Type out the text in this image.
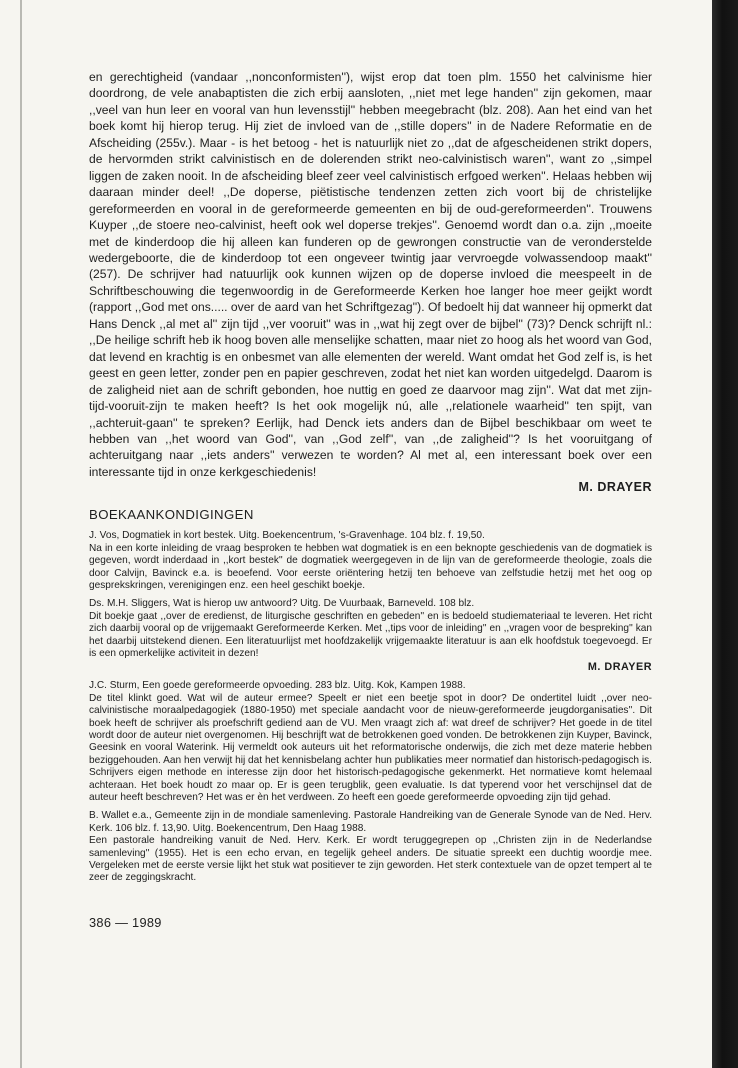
en gerechtigheid (vandaar ,,nonconformisten''), wijst erop dat toen plm. 1550 het calvinisme hier doordrong, de vele anabaptisten die zich erbij aansloten, ,,niet met lege handen'' zijn gekomen, maar ,,veel van hun leer en vooral van hun levensstijl'' hebben meegebracht (blz. 208). Aan het eind van het boek komt hij hierop terug. Hij ziet de invloed van de ,,stille dopers'' in de Nadere Reformatie en de Afscheiding (255v.). Maar - is het betoog - het is natuurlijk niet zo ,,dat de afgescheidenen strikt dopers, de hervormden strikt calvinistisch en de dolerenden strikt neo-calvinistisch waren'', want zo ,,simpel liggen de zaken nooit. In de afscheiding bleef zeer veel calvinistisch erfgoed werken''. Helaas hebben wij daaraan minder deel! ,,De doperse, piëtistische tendenzen zetten zich voort bij de christelijke gereformeerden en vooral in de gereformeerde gemeenten en bij de oud-gereformeerden''. Trouwens Kuyper ,,de stoere neo-calvinist, heeft ook wel doperse trekjes''. Genoemd wordt dan o.a. zijn ,,moeite met de kinderdoop die hij alleen kan funderen op de gewrongen constructie van de veronderstelde wedergeboorte, die de kinderdoop tot een ongeveer twintig jaar vervroegde volwassendoop maakt'' (257). De schrijver had natuurlijk ook kunnen wijzen op de doperse invloed die meespeelt in de Schriftbeschouwing die tegenwoordig in de Gereformeerde Kerken hoe langer hoe meer geijkt wordt (rapport ,,God met ons..... over de aard van het Schriftgezag''). Of bedoelt hij dat wanneer hij opmerkt dat Hans Denck ,,al met al'' zijn tijd ,,ver vooruit'' was in ,,wat hij zegt over de bijbel'' (73)? Denck schrijft nl.: ,,De heilige schrift heb ik hoog boven alle menselijke schatten, maar niet zo hoog als het woord van God, dat levend en krachtig is en onbesmet van alle elementen der wereld. Want omdat het God zelf is, is het geest en geen letter, zonder pen en papier geschreven, zodat het niet kan worden uitgedelgd. Daarom is de zaligheid niet aan de schrift gebonden, hoe nuttig en goed ze daarvoor mag zijn''. Wat dat met zijn-tijd-vooruit-zijn te maken heeft? Is het ook mogelijk nú, alle ,,relationele waarheid'' ten spijt, van ,,achteruit-gaan'' te spreken? Eerlijk, had Denck iets anders dan de Bijbel beschikbaar om weet te hebben van ,,het woord van God'', van ,,God zelf'', van ,,de zaligheid''? Is het vooruitgang of achteruitgang naar ,,iets anders'' verwezen te worden? Al met al, een interessant boek over een interessante tijd in onze kerkgeschiedenis!

M. DRAYER
BOEKAANKONDIGINGEN

J. Vos, Dogmatiek in kort bestek. Uitg. Boekencentrum, 's-Gravenhage. 104 blz. f. 19,50.

Na in een korte inleiding de vraag besproken te hebben wat dogmatiek is en een beknopte geschiedenis van de dogmatiek is gegeven, wordt inderdaad in ,,kort bestek'' de dogmatiek weergegeven in de lijn van de gereformeerde theologie, zoals die door Calvijn, Bavinck e.a. is beoefend. Voor eerste oriëntering hetzij ten behoeve van zelfstudie hetzij met het oog op gesprekskringen, verenigingen enz. een heel geschikt boekje.

Ds. M.H. Sliggers, Wat is hierop uw antwoord? Uitg. De Vuurbaak, Barneveld. 108 blz.

Dit boekje gaat ,,over de eredienst, de liturgische geschriften en gebeden'' en is bedoeld studiemateriaal te leveren. Het richt zich daarbij vooral op de vrijgemaakt Gereformeerde Kerken. Met ,,tips voor de inleiding'' en ,,vragen voor de bespreking'' kan het daarbij uitstekend dienen. Een literatuurlijst met hoofdzakelijk vrijgemaakte literatuur is aan elk hoofdstuk toegevoegd. Er is een opmerkelijke activiteit in dezen!

M. DRAYER

J.C. Sturm, Een goede gereformeerde opvoeding. 283 blz. Uitg. Kok, Kampen 1988.

De titel klinkt goed. Wat wil de auteur ermee? Speelt er niet een beetje spot in door? De ondertitel luidt ,,over neo-calvinistische moraalpedagogiek (1880-1950) met speciale aandacht voor de nieuw-gereformeerde jeugdorganisaties''. Dit boek heeft de schrijver als proefschrift gediend aan de VU. Men vraagt zich af: wat dreef de schrijver? Het goede in de titel wordt door de auteur niet overgenomen. Hij beschrijft wat de betrokkenen goed vonden. De betrokkenen zijn Kuyper, Bavinck, Geesink en vooral Waterink. Hij vermeldt ook auteurs uit het reformatorische onderwijs, die zich met deze materie hebben beziggehouden. Aan hen verwijt hij dat het kennisbelang achter hun publikaties meer normatief dan historisch-pedagogisch is. Schrijvers eigen methode en interesse zijn door het historisch-pedagogische gekenmerkt. Het normatieve komt helemaal achteraan. Het boek houdt zo maar op. Er is geen terugblik, geen evaluatie. Is dat typerend voor het verschijnsel dat de auteur heeft beschreven? Het was er èn het verdween. Zo heeft een goede gereformeerde opvoeding zijn tijd gehad.

B. Wallet e.a., Gemeente zijn in de mondiale samenleving. Pastorale Handreiking van de Generale Synode van de Ned. Herv. Kerk. 106 blz. f. 13,90. Uitg. Boekencentrum, Den Haag 1988.

Een pastorale handreiking vanuit de Ned. Herv. Kerk. Er wordt teruggegrepen op ,,Christen zijn in de Nederlandse samenleving'' (1955). Het is een echo ervan, en tegelijk geheel anders. De situatie spreekt een duchtig woordje mee. Vergeleken met de eerste versie lijkt het stuk wat positiever te zijn geworden. Het sterk contextuele van de opzet tempert al te zeer de zeggingskracht.

386 — 1989
